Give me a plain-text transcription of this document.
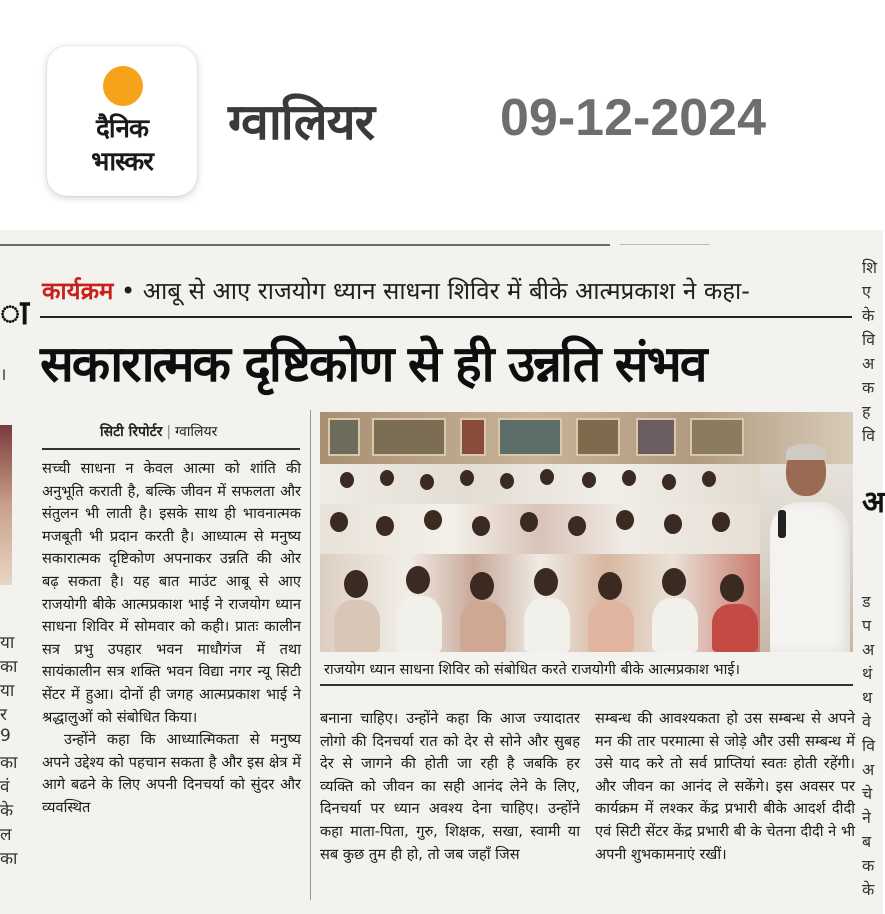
दैनिक
भास्कर
ग्वालियर 09-12-2024
ा
।
या
का
या
र
9
का
वं
के
ल
का
शि
ए
के
वि
अ
क
ह
वि
अ
ड
प
अ
थं
थ
वे
वि
अ
चे
ने
ब
क
के
कार्यक्रम • आबू से आए राजयोग ध्यान साधना शिविर में बीके आत्मप्रकाश ने कहा-
सकारात्मक दृष्टिकोण से ही उन्नति संभव
सिटी रिपोर्टर | ग्वालियर

सच्ची साधना न केवल आत्मा को शांति की अनुभूति कराती है, बल्कि जीवन में सफलता और संतुलन भी लाती है। इसके साथ ही भावनात्मक मजबूती भी प्रदान करती है। आध्यात्म से मनुष्य सकारात्मक दृष्टिकोण अपनाकर उन्नति की ओर बढ़ सकता है। यह बात माउंट आबू से आए राजयोगी बीके आत्मप्रकाश भाई ने राजयोग ध्यान साधना शिविर में सोमवार को कही। प्रातः कालीन सत्र प्रभु उपहार भवन माधौगंज में तथा सायंकालीन सत्र शक्ति भवन विद्या नगर न्यू सिटी सेंटर में हुआ। दोनों ही जगह आत्मप्रकाश भाई ने श्रद्धालुओं को संबोधित किया।

उन्होंने कहा कि आध्यात्मिकता से मनुष्य अपने उद्देश्य को पहचान सकता है और इस क्षेत्र में आगे बढने के लिए अपनी दिनचर्या को सुंदर और व्यवस्थित

राजयोग ध्यान साधना शिविर को संबोधित करते राजयोगी बीके आत्मप्रकाश भाई।

बनाना चाहिए। उन्होंने कहा कि आज ज्यादातर लोगो की दिनचर्या रात को देर से सोने और सुबह देर से जागने की होती जा रही है जबकि हर व्यक्ति को जीवन का सही आनंद लेने के लिए, दिनचर्या पर ध्यान अवश्य देना चाहिए। उन्होंने कहा माता-पिता, गुरु, शिक्षक, सखा, स्वामी या सब कुछ तुम ही हो, तो जब जहाँ जिस

सम्बन्ध की आवश्यकता हो उस सम्बन्ध से अपने मन की तार परमात्मा से जोड़े और उसी सम्बन्ध में उसे याद करे तो सर्व प्राप्तियां स्वतः होती रहेंगी। और जीवन का आनंद ले सकेंगे। इस अवसर पर कार्यक्रम में लश्कर केंद्र प्रभारी बीके आदर्श दीदी एवं सिटी सेंटर केंद्र प्रभारी बी के चेतना दीदी ने भी अपनी शुभकामनाएं रखीं।
